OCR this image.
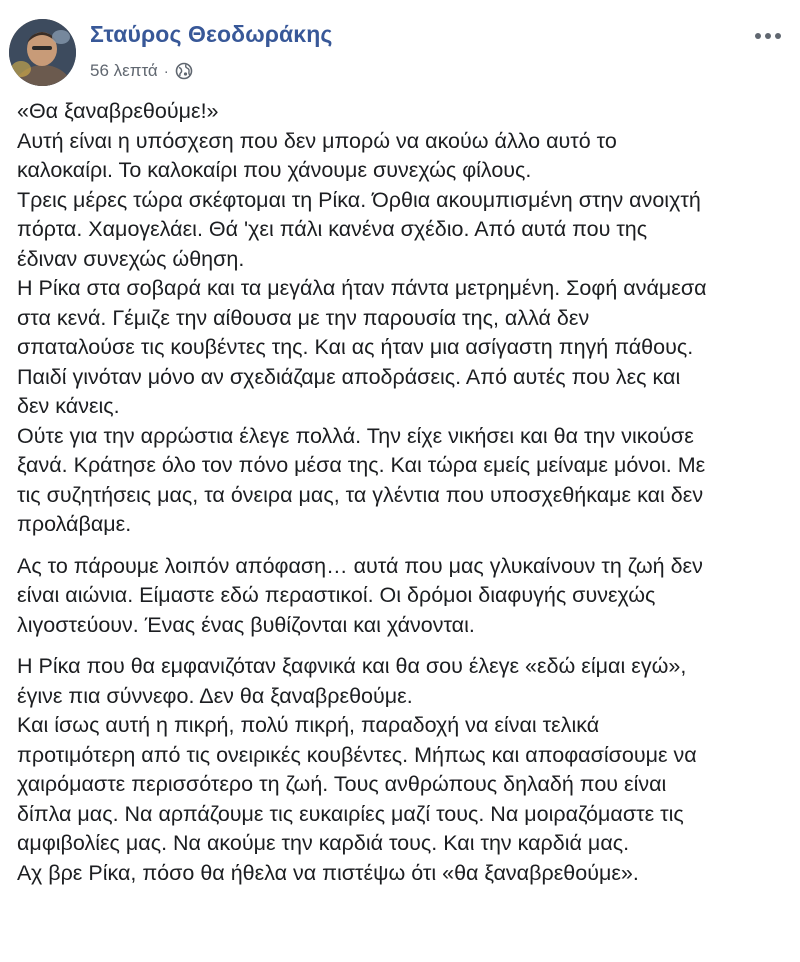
Σταύρος Θεοδωράκης
56 λεπτά ·

«Θα ξαναβρεθούμε!»
Αυτή είναι η υπόσχεση που δεν μπορώ να ακούω άλλο αυτό το
καλοκαίρι. Το καλοκαίρι που χάνουμε συνεχώς φίλους.
Τρεις μέρες τώρα σκέφτομαι τη Ρίκα. Όρθια ακουμπισμένη στην ανοιχτή
πόρτα. Χαμογελάει. Θά 'χει πάλι κανένα σχέδιο. Από αυτά που της
έδιναν συνεχώς ώθηση.
Η Ρίκα στα σοβαρά και τα μεγάλα ήταν πάντα μετρημένη. Σοφή ανάμεσα
στα κενά. Γέμιζε την αίθουσα με την παρουσία της, αλλά δεν
σπαταλούσε τις κουβέντες της. Και ας ήταν μια ασίγαστη πηγή πάθους.
Παιδί γινόταν μόνο αν σχεδιάζαμε αποδράσεις. Από αυτές που λες και
δεν κάνεις.
Ούτε για την αρρώστια έλεγε πολλά. Την είχε νικήσει και θα την νικούσε
ξανά. Κράτησε όλο τον πόνο μέσα της. Και τώρα εμείς μείναμε μόνοι. Με
τις συζητήσεις μας, τα όνειρα μας, τα γλέντια που υποσχεθήκαμε και δεν
προλάβαμε.

Ας το πάρουμε λοιπόν απόφαση… αυτά που μας γλυκαίνουν τη ζωή δεν
είναι αιώνια. Είμαστε εδώ περαστικοί. Οι δρόμοι διαφυγής συνεχώς
λιγοστεύουν. Ένας ένας βυθίζονται και χάνονται.

Η Ρίκα που θα εμφανιζόταν ξαφνικά και θα σου έλεγε «εδώ είμαι εγώ»,
έγινε πια σύννεφο. Δεν θα ξαναβρεθούμε.
Και ίσως αυτή η πικρή, πολύ πικρή, παραδοχή να είναι τελικά
προτιμότερη από τις ονειρικές κουβέντες. Μήπως και αποφασίσουμε να
χαιρόμαστε περισσότερο τη ζωή. Τους ανθρώπους δηλαδή που είναι
δίπλα μας. Να αρπάζουμε τις ευκαιρίες μαζί τους. Να μοιραζόμαστε τις
αμφιβολίες μας. Να ακούμε την καρδιά τους. Και την καρδιά μας.
Αχ βρε Ρίκα, πόσο θα ήθελα να πιστέψω ότι «θα ξαναβρεθούμε».
